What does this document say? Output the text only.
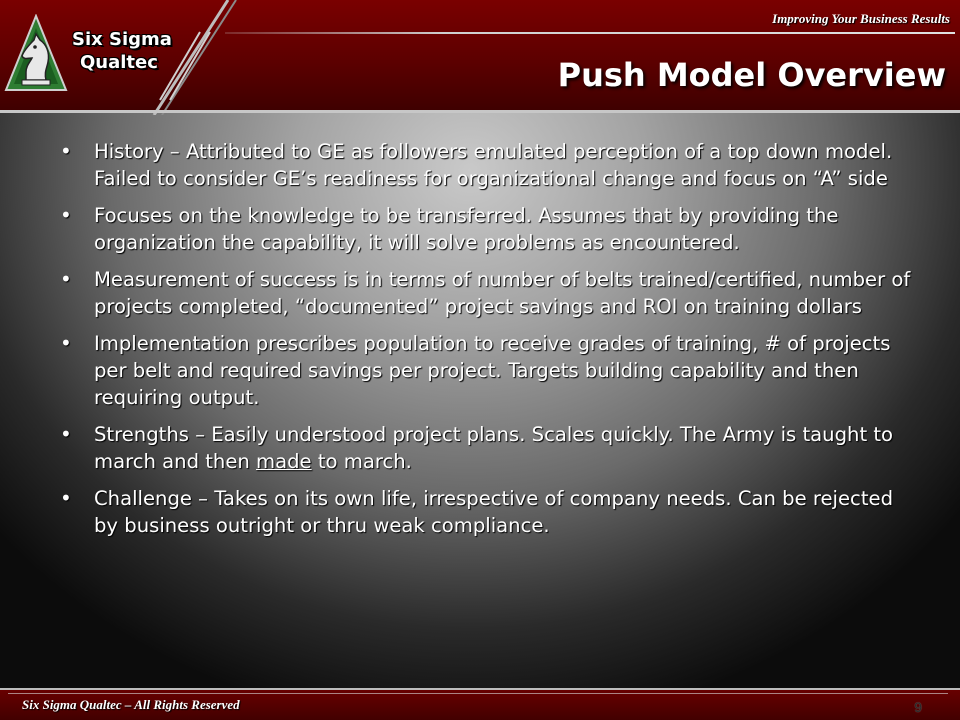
Improving Your Business Results
Six Sigma
Qualtec	Push Model Overview
• History – Attributed to GE as followers emulated perception of a top down model. Failed to consider GE’s readiness for organizational change and focus on “A” side
• Focuses on the knowledge to be transferred. Assumes that by providing the organization the capability, it will solve problems as encountered.
• Measurement of success is in terms of number of belts trained/certified, number of projects completed, “documented” project savings and ROI on training dollars
• Implementation prescribes population to receive grades of training, # of projects per belt and required savings per project. Targets building capability and then requiring output.
• Strengths – Easily understood project plans. Scales quickly. The Army is taught to march and then made to march.
• Challenge – Takes on its own life, irrespective of company needs. Can be rejected by business outright or thru weak compliance.
Six Sigma Qualtec – All Rights Reserved	9
